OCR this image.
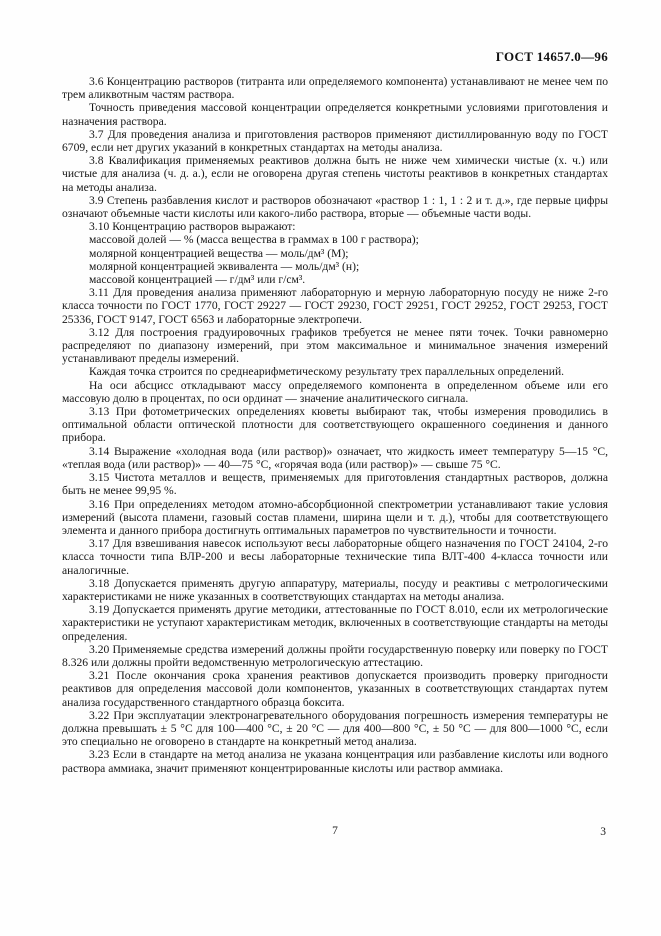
ГОСТ 14657.0—96

3.6 Концентрацию растворов (титранта или определяемого компонента) устанавливают не менее чем по трем аликвотным частям раствора.

Точность приведения массовой концентрации определяется конкретными условиями приготовления и назначения раствора.

3.7 Для проведения анализа и приготовления растворов применяют дистиллированную воду по ГОСТ 6709, если нет других указаний в конкретных стандартах на методы анализа.

3.8 Квалификация применяемых реактивов должна быть не ниже чем химически чистые (х. ч.) или чистые для анализа (ч. д. а.), если не оговорена другая степень чистоты реактивов в конкретных стандартах на методы анализа.

3.9 Степень разбавления кислот и растворов обозначают «раствор 1 : 1, 1 : 2 и т. д.», где первые цифры означают объемные части кислоты или какого-либо раствора, вторые — объемные части воды.

3.10 Концентрацию растворов выражают:

массовой долей — % (масса вещества в граммах в 100 г раствора);

молярной концентрацией вещества — моль/дм³ (М);

молярной концентрацией эквивалента — моль/дм³ (н);

массовой концентрацией — г/дм³ или г/см³.

3.11 Для проведения анализа применяют лабораторную и мерную лабораторную посуду не ниже 2-го класса точности по ГОСТ 1770, ГОСТ 29227 — ГОСТ 29230, ГОСТ 29251, ГОСТ 29252, ГОСТ 29253, ГОСТ 25336, ГОСТ 9147, ГОСТ 6563 и лабораторные электропечи.

3.12 Для построения градуировочных графиков требуется не менее пяти точек. Точки равномерно распределяют по диапазону измерений, при этом максимальное и минимальное значения измерений устанавливают пределы измерений.

Каждая точка строится по среднеарифметическому результату трех параллельных определений.

На оси абсцисс откладывают массу определяемого компонента в определенном объеме или его массовую долю в процентах, по оси ординат — значение аналитического сигнала.

3.13 При фотометрических определениях кюветы выбирают так, чтобы измерения проводились в оптимальной области оптической плотности для соответствующего окрашенного соединения и данного прибора.

3.14 Выражение «холодная вода (или раствор)» означает, что жидкость имеет температуру 5—15 °С, «теплая вода (или раствор)» — 40—75 °С, «горячая вода (или раствор)» — свыше 75 °С.

3.15 Чистота металлов и веществ, применяемых для приготовления стандартных растворов, должна быть не менее 99,95 %.

3.16 При определениях методом атомно-абсорбционной спектрометрии устанавливают такие условия измерений (высота пламени, газовый состав пламени, ширина щели и т. д.), чтобы для соответствующего элемента и данного прибора достигнуть оптимальных параметров по чувствительности и точности.

3.17 Для взвешивания навесок используют весы лабораторные общего назначения по ГОСТ 24104, 2-го класса точности типа ВЛР-200 и весы лабораторные технические типа ВЛТ-400 4-класса точности или аналогичные.

3.18 Допускается применять другую аппаратуру, материалы, посуду и реактивы с метрологическими характеристиками не ниже указанных в соответствующих стандартах на методы анализа.

3.19 Допускается применять другие методики, аттестованные по ГОСТ 8.010, если их метрологические характеристики не уступают характеристикам методик, включенных в соответствующие стандарты на методы определения.

3.20 Применяемые средства измерений должны пройти государственную поверку или поверку по ГОСТ 8.326 или должны пройти ведомственную метрологическую аттестацию.

3.21 После окончания срока хранения реактивов допускается производить проверку пригодности реактивов для определения массовой доли компонентов, указанных в соответствующих стандартах путем анализа государственного стандартного образца боксита.

3.22 При эксплуатации электронагревательного оборудования погрешность измерения температуры не должна превышать ± 5 °С для 100—400 °С, ± 20 °С — для 400—800 °С, ± 50 °С — для 800—1000 °С, если это специально не оговорено в стандарте на конкретный метод анализа.

3.23 Если в стандарте на метод анализа не указана концентрация или разбавление кислоты или водного раствора аммиака, значит применяют концентрированные кислоты или раствор аммиака.

7	3
